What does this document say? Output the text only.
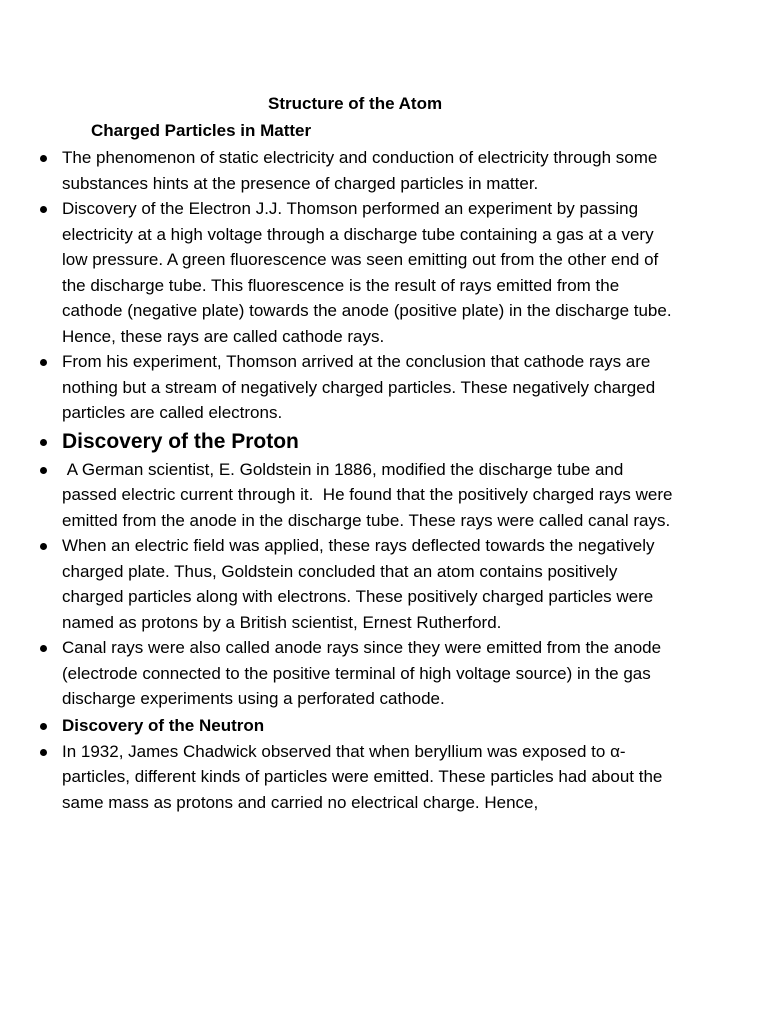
Structure of the Atom
Charged Particles in Matter
The phenomenon of static electricity and conduction of electricity through some substances hints at the presence of charged particles in matter.
Discovery of the Electron J.J. Thomson performed an experiment by passing electricity at a high voltage through a discharge tube containing a gas at a very low pressure. A green fluorescence was seen emitting out from the other end of the discharge tube. This fluorescence is the result of rays emitted from the cathode (negative plate) towards the anode (positive plate) in the discharge tube. Hence, these rays are called cathode rays.
From his experiment, Thomson arrived at the conclusion that cathode rays are nothing but a stream of negatively charged particles. These negatively charged particles are called electrons.
Discovery of the Proton
A German scientist, E. Goldstein in 1886, modified the discharge tube and passed electric current through it.  He found that the positively charged rays were emitted from the anode in the discharge tube. These rays were called canal rays.
When an electric field was applied, these rays deflected towards the negatively charged plate. Thus, Goldstein concluded that an atom contains positively charged particles along with electrons. These positively charged particles were named as protons by a British scientist, Ernest Rutherford.
Canal rays were also called anode rays since they were emitted from the anode (electrode connected to the positive terminal of high voltage source) in the gas discharge experiments using a perforated cathode.
Discovery of the Neutron
In 1932, James Chadwick observed that when beryllium was exposed to α-particles, different kinds of particles were emitted. These particles had about the same mass as protons and carried no electrical charge. Hence,
